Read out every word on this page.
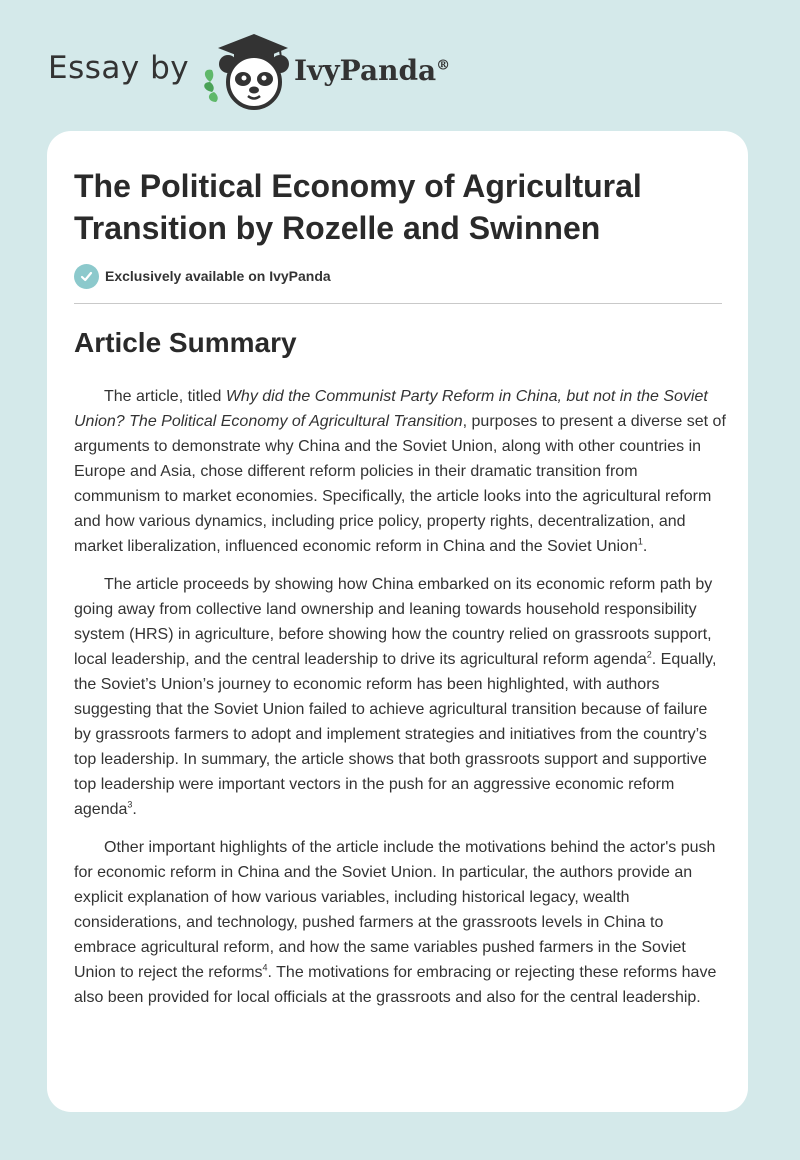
Essay by	IvyPanda®
The Political Economy of Agricultural Transition by Rozelle and Swinnen
Exclusively available on IvyPanda
Article Summary

The article, titled Why did the Communist Party Reform in China, but not in the Soviet Union? The Political Economy of Agricultural Transition, purposes to present a diverse set of arguments to demonstrate why China and the Soviet Union, along with other countries in Europe and Asia, chose different reform policies in their dramatic transition from communism to market economies. Specifically, the article looks into the agricultural reform and how various dynamics, including price policy, property rights, decentralization, and market liberalization, influenced economic reform in China and the Soviet Union$^1$.

The article proceeds by showing how China embarked on its economic reform path by going away from collective land ownership and leaning towards household responsibility system (HRS) in agriculture, before showing how the country relied on grassroots support, local leadership, and the central leadership to drive its agricultural reform agenda$^2$. Equally, the Soviet’s Union’s journey to economic reform has been highlighted, with authors suggesting that the Soviet Union failed to achieve agricultural transition because of failure by grassroots farmers to adopt and implement strategies and initiatives from the country’s top leadership. In summary, the article shows that both grassroots support and supportive top leadership were important vectors in the push for an aggressive economic reform agenda$^3$.

Other important highlights of the article include the motivations behind the actor's push for economic reform in China and the Soviet Union. In particular, the authors provide an explicit explanation of how various variables, including historical legacy, wealth considerations, and technology, pushed farmers at the grassroots levels in China to embrace agricultural reform, and how the same variables pushed farmers in the Soviet Union to reject the reforms$^4$. The motivations for embracing or rejecting these reforms have also been provided for local officials at the grassroots and also for the central leadership.
